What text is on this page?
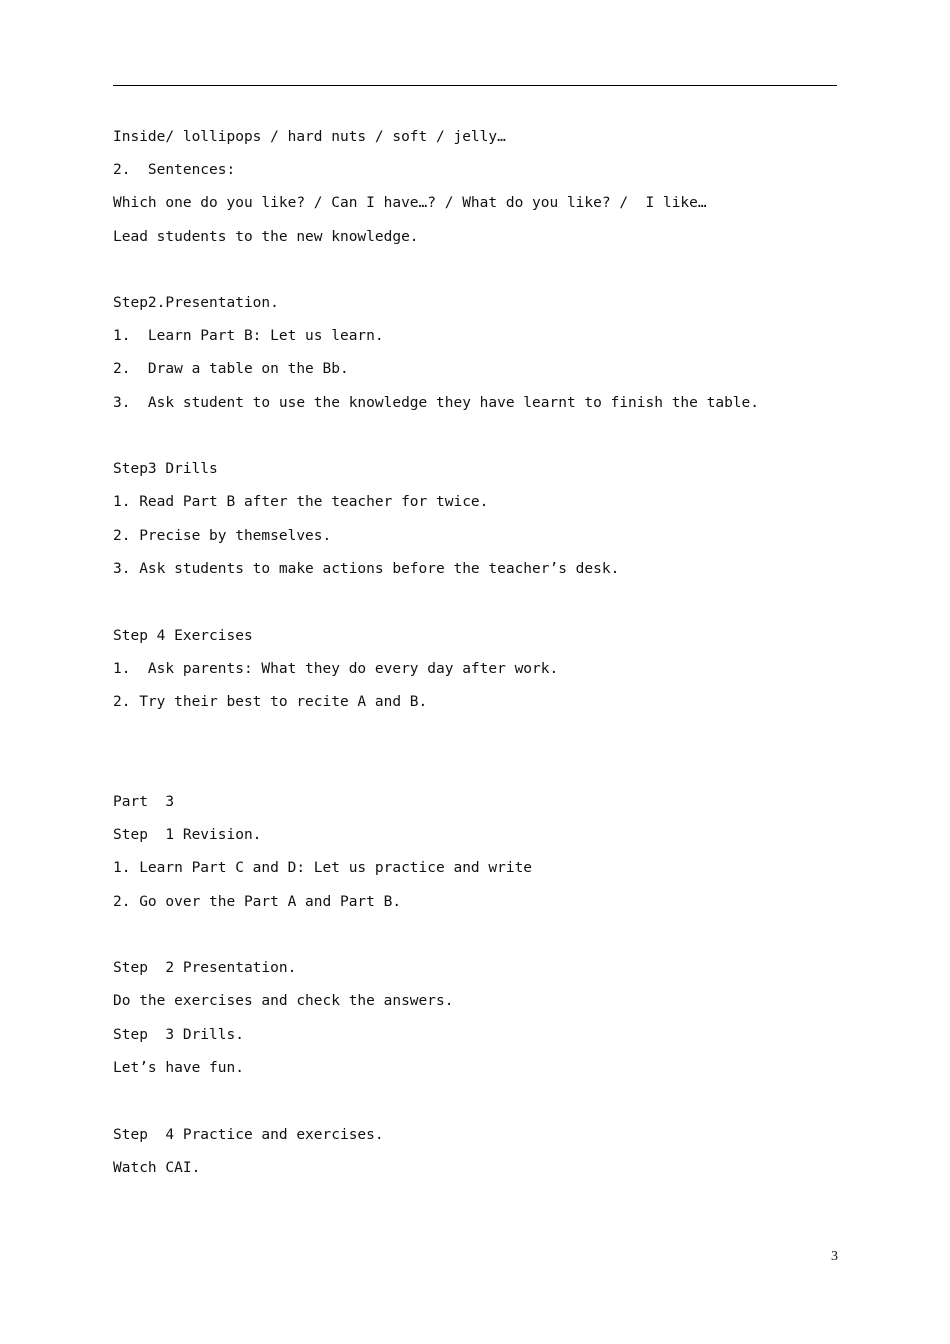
Inside/ lollipops / hard nuts / soft / jelly…
2.  Sentences:
Which one do you like? / Can I have…? / What do you like? /  I like…
Lead students to the new knowledge.
Step2.Presentation.
1.  Learn Part B: Let us learn.
2.  Draw a table on the Bb.
3.  Ask student to use the knowledge they have learnt to finish the table.
Step3 Drills
1. Read Part B after the teacher for twice.
2. Precise by themselves.
3. Ask students to make actions before the teacher’s desk.
Step 4 Exercises
1.  Ask parents: What they do every day after work.
2. Try their best to recite A and B.
Part  3
Step  1 Revision.
1. Learn Part C and D: Let us practice and write
2. Go over the Part A and Part B.
Step  2 Presentation.
Do the exercises and check the answers.
Step  3 Drills.
Let’s have fun.
Step  4 Practice and exercises.
Watch CAI.
3
